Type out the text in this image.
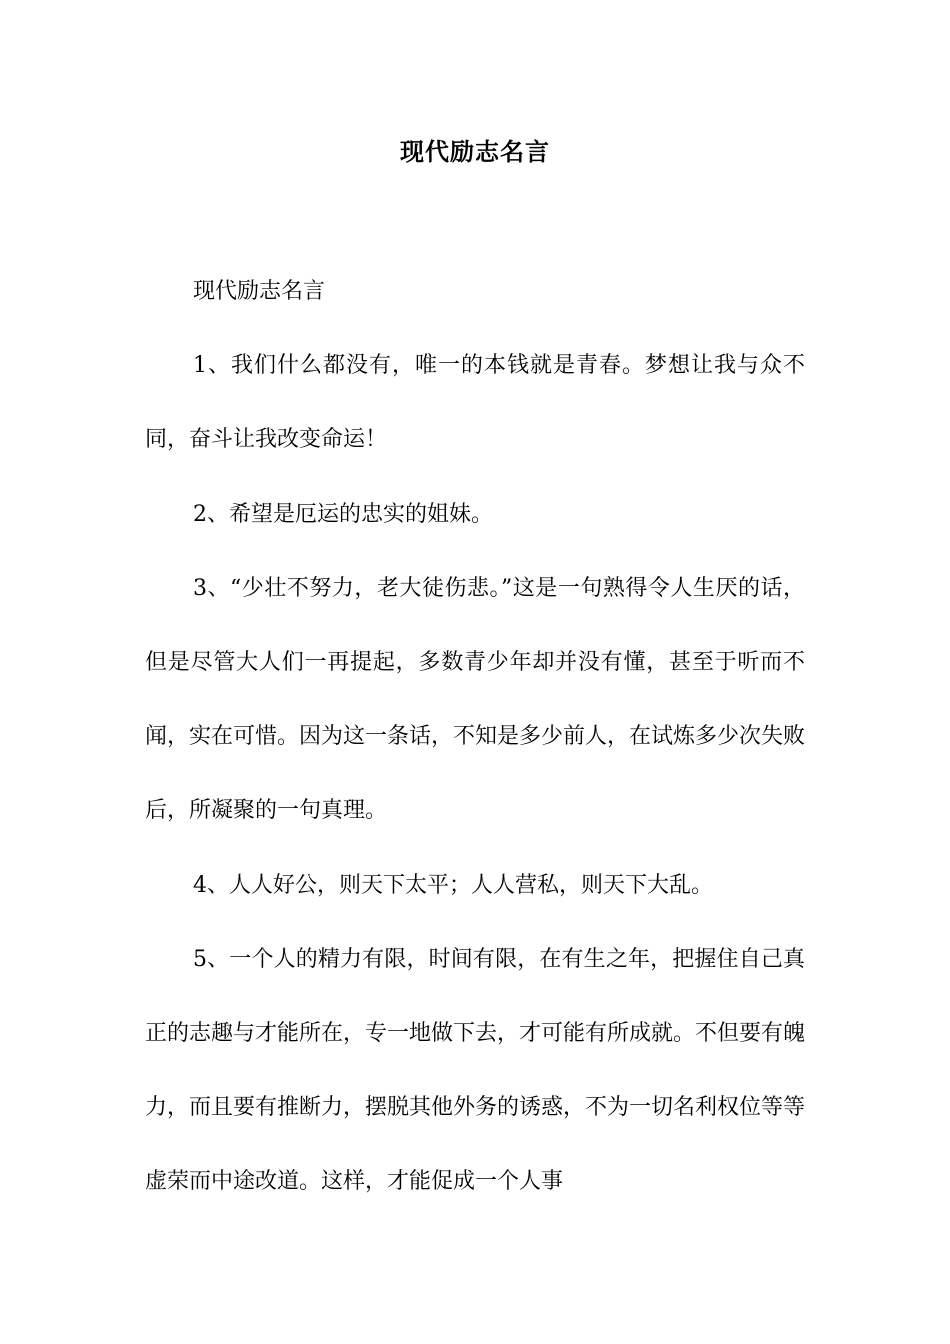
现代励志名言

现代励志名言

1、我们什么都没有，唯一的本钱就是青春。梦想让我与众不同，奋斗让我改变命运！

2、希望是厄运的忠实的姐妹。

3、“少壮不努力，老大徒伤悲。”这是一句熟得令人生厌的话，但是尽管大人们一再提起，多数青少年却并没有懂，甚至于听而不闻，实在可惜。因为这一条话，不知是多少前人，在试炼多少次失败后，所凝聚的一句真理。

4、人人好公，则天下太平；人人营私，则天下大乱。

5、一个人的精力有限，时间有限，在有生之年，把握住自己真正的志趣与才能所在，专一地做下去，才可能有所成就。不但要有魄力，而且要有推断力，摆脱其他外务的诱惑，不为一切名利权位等等虚荣而中途改道。这样，才能促成一个人事
